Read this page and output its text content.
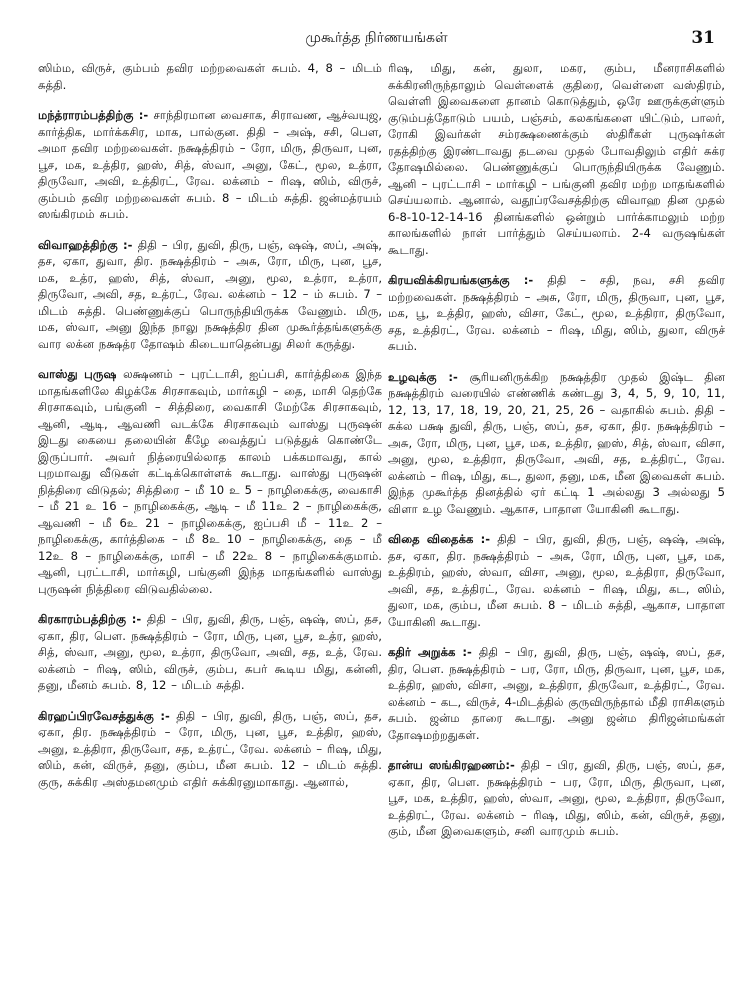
முகூர்த்த நிர்ணயங்கள்	31

ஸிம்ம, விருச், கும்பம் தவிர மற்றவைகள் சுபம். 4, 8 – மிடம் சுத்தி.

மந்த்ராரம்பத்திற்கு :- சாந்திரமான வைசாக, சிராவண, ஆச்வயுஜ, கார்த்திக, மார்க்கசிர, மாக, பால்குன. திதி – அஷ், சசி, பௌ, அமா தவிர மற்றவைகள். நக்ஷத்திரம் – ரோ, மிரு, திருவா, புன, பூச, மக, உத்திர, ஹஸ், சித், ஸ்வா, அனு, கேட், மூல, உத்ரா, திருவோ, அவி, உத்திரட், ரேவ. லக்னம் – ரிஷ, ஸிம், விருச், கும்பம் தவிர மற்றவைகள் சுபம். 8 – மிடம் சுத்தி. ஜன்மத்ரயம் ஸங்கிரமம் சுபம்.

விவாஹத்திற்கு :- திதி – பிர, துவி, திரு, பஞ், ஷஷ், ஸப், அஷ், தச, ஏகா, துவா, திர. நக்ஷத்திரம் – அசு, ரோ, மிரு, புன, பூச, மக, உத்ர, ஹஸ், சித், ஸ்வா, அனு, மூல, உத்ரா, உத்ரா, திருவோ, அவி, சத, உத்ரட், ரேவ. லக்னம் – 12 – ம் சுபம். 7 – மிடம் சுத்தி. பெண்ணுக்குப் பொருந்தியிருக்க வேணும். மிரு, மக, ஸ்வா, அனு இந்த நாலு நக்ஷத்திர தின முகூர்த்தங்களுக்கு வார லக்ன நக்ஷத்ர தோஷம் கிடையாதென்பது சிலர் கருத்து.

வாஸ்து புருஷ லக்ஷணம் – புரட்டாசி, ஐப்பசி, கார்த்திகை இந்த மாதங்களிலே கிழக்கே சிரசாகவும், மார்கழி – தை, மாசி தெற்கே சிரசாகவும், பங்குனி – சித்திரை, வைகாசி மேற்கே சிரசாகவும், ஆனி, ஆடி, ஆவணி வடக்கே சிரசாகவும் வாஸ்து புருஷன் இடது கையை தலையின் கீழே வைத்துப் படுத்துக் கொண்டே இருப்பார். அவர் நித்ரையில்லாத காலம் பக்கமாவது, கால் புறமாவது வீடுகள் கட்டிக்கொள்ளக் கூடாது. வாஸ்து புருஷன் நித்திரை விடுதல்; சித்திரை – மீ 10 உ 5 – நாழிகைக்கு, வைகாசி – மீ 21 உ 16 – நாழிகைக்கு, ஆடி – மீ 11உ 2 – நாழிகைக்கு, ஆவணி – மீ 6உ 21 – நாழிகைக்கு, ஐப்பசி மீ – 11உ 2 – நாழிகைக்கு, கார்த்திகை – மீ 8உ 10 – நாழிகைக்கு, தை – மீ 12உ 8 – நாழிகைக்கு, மாசி – மீ 22உ 8 – நாழிகைக்குமாம். ஆனி, புரட்டாசி, மார்கழி, பங்குனி இந்த மாதங்களில் வாஸ்து புருஷன் நித்திரை விடுவதில்லை.

கிரகாரம்பத்திற்கு :- திதி – பிர, துவி, திரு, பஞ், ஷஷ், ஸப், தச, ஏகா, திர, பௌ. நக்ஷத்திரம் – ரோ, மிரு, புன, பூச, உத்ர, ஹஸ், சித், ஸ்வா, அனு, மூல, உத்ரா, திருவோ, அவி, சத, உத், ரேவ. லக்னம் – ரிஷ, ஸிம், விருச், கும்ப, சுபர் கூடிய மிது, கன்னி, தனு, மீனம் சுபம். 8, 12 – மிடம் சுத்தி.

கிரஹப்பிரவேசத்துக்கு :- திதி – பிர, துவி, திரு, பஞ், ஸப், தச, ஏகா, திர. நக்ஷத்திரம் – ரோ, மிரு, புன, பூச, உத்திர, ஹஸ், அனு, உத்திரா, திருவோ, சத, உத்ரட், ரேவ. லக்னம் – ரிஷ, மிது, ஸிம், கன், விருச், தனு, கும்ப, மீன சுபம். 12 – மிடம் சுத்தி. குரு, சுக்கிர அஸ்தமனமும் எதிர் சுக்கிரனுமாகாது. ஆனால்,

ரிஷ, மிது, கன், துலா, மகர, கும்ப, மீனராசிகளில் சுக்கிரனிருந்தாலும் வெள்ளைக் குதிரை, வெள்ளை வஸ்திரம், வெள்ளி இவைகளை தானம் கொடுத்தும், ஒரே ஊருக்குள்ளும் குடும்பத்தோடும் பயம், பஞ்சம், கலகங்களை யிட்டும், பாலர், ரோகி இவர்கள் சம்ரக்ஷணைக்கும் ஸ்திரீகள் புருஷர்கள் ரதத்திற்கு இரண்டாவது தடவை முதல் போவதிலும் எதிர் சுக்ர தோஷமில்லை. பெண்ணுக்குப் பொருந்தியிருக்க வேணும். ஆனி – புரட்டாசி – மார்கழி – பங்குனி தவிர மற்ற மாதங்களில் செய்யலாம். ஆனால், வதூப்ரவேசத்திற்கு விவாஹ தின முதல் 6-8-10-12-14-16 தினங்களில் ஒன்றும் பார்க்காமலும் மற்ற காலங்களில் நாள் பார்த்தும் செய்யலாம். 2-4 வருஷங்கள் கூடாது.

கிரயவிக்கிரயங்களுக்கு :- திதி – சதி, நவ, சசி தவிர மற்றவைகள். நக்ஷத்திரம் – அசு, ரோ, மிரு, திருவா, புன, பூச, மக, பூ, உத்திர, ஹஸ், விசா, கேட், மூல, உத்திரா, திருவோ, சத, உத்திரட், ரேவ. லக்னம் – ரிஷ, மிது, ஸிம், துலா, விருச் சுபம்.

உழவுக்கு :- சூரியனிருக்கிற நக்ஷத்திர முதல் இஷ்ட தின நக்ஷத்திரம் வரையில் எண்ணிக் கண்டது 3, 4, 5, 9, 10, 11, 12, 13, 17, 18, 19, 20, 21, 25, 26 – வதாகில் சுபம். திதி – சுக்ல பக்ஷ துவி, திரு, பஞ், ஸப், தச, ஏகா, திர. நக்ஷத்திரம் – அசு, ரோ, மிரு, புன, பூச, மக, உத்திர, ஹஸ், சித், ஸ்வா, விசா, அனு, மூல, உத்திரா, திருவோ, அவி, சத, உத்திரட், ரேவ. லக்னம் – ரிஷ, மிது, கட, துலா, தனு, மக, மீன இவைகள் சுபம். இந்த முகூர்த்த தினத்தில் ஏர் கட்டி 1 அல்லது 3 அல்லது 5 விளா உழ வேணும். ஆகாச, பாதாள யோகினி கூடாது.

விதை விதைக்க :- திதி – பிர, துவி, திரு, பஞ், ஷஷ், அஷ், தச, ஏகா, திர. நக்ஷத்திரம் – அசு, ரோ, மிரு, புன, பூச, மக, உத்திரம், ஹஸ், ஸ்வா, விசா, அனு, மூல, உத்திரா, திருவோ, அவி, சத, உத்திரட், ரேவ. லக்னம் – ரிஷ, மிது, கட, ஸிம், துலா, மக, கும்ப, மீன சுபம். 8 – மிடம் சுத்தி, ஆகாச, பாதாள யோகினி கூடாது.

கதிர் அறுக்க :- திதி – பிர, துவி, திரு, பஞ், ஷஷ், ஸப், தச, திர, பௌ. நக்ஷத்திரம் – பர, ரோ, மிரு, திருவா, புன, பூச, மக, உத்திர, ஹஸ், விசா, அனு, உத்திரா, திருவோ, உத்திரட், ரேவ. லக்னம் – கட, விருச், 4-மிடத்தில் குருவிருந்தால் மீதி ராசிகளும் சுபம். ஜன்ம தாரை கூடாது. அனு ஜன்ம திரிஜன்மங்கள் தோஷமற்றதுகள்.

தான்ய ஸங்கிரஹணம்:- திதி – பிர, துவி, திரு, பஞ், ஸப், தச, ஏகா, திர, பௌ. நக்ஷத்திரம் – பர, ரோ, மிரு, திருவா, புன, பூச, மக, உத்திர, ஹஸ், ஸ்வா, அனு, மூல, உத்திரா, திருவோ, உத்திரட், ரேவ. லக்னம் – ரிஷ, மிது, ஸிம், கன், விருச், தனு, கும், மீன இவைகளும், சனி வாரமும் சுபம்.
